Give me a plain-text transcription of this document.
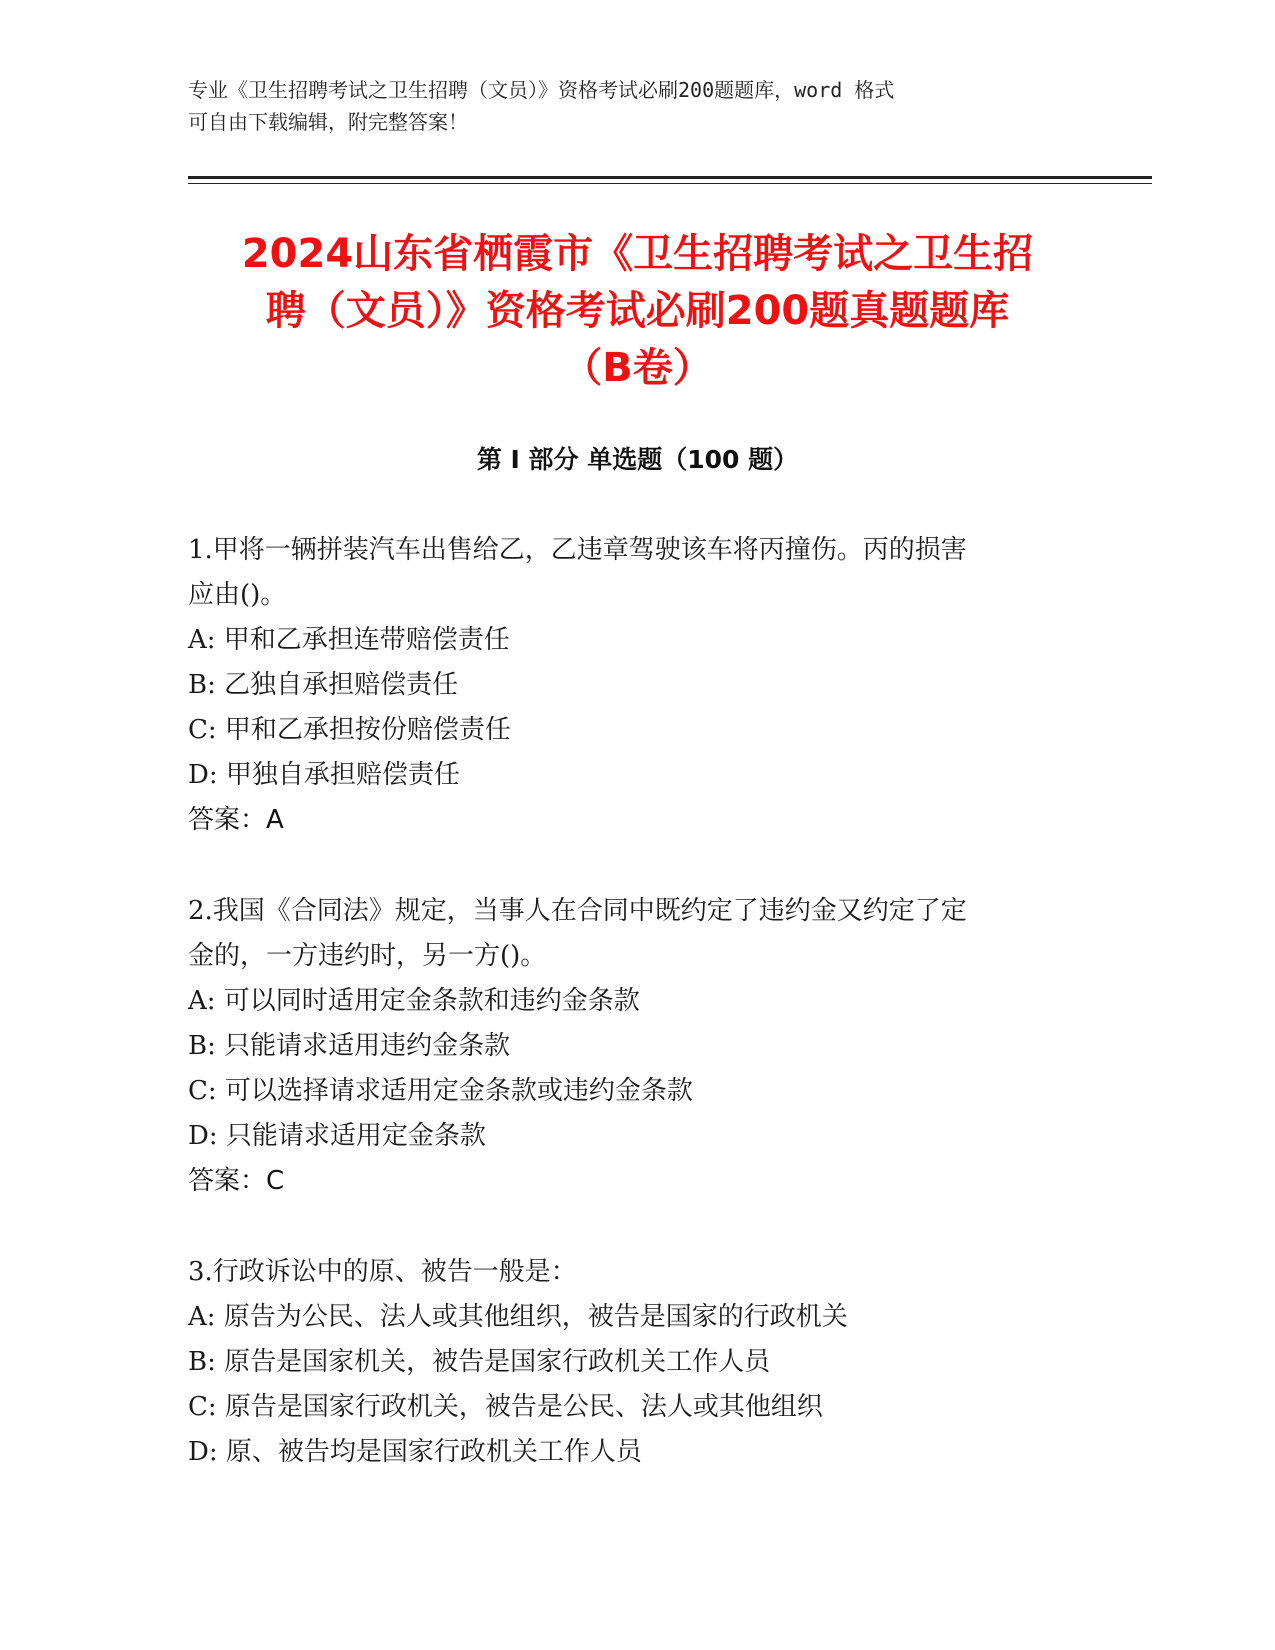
专业《卫生招聘考试之卫生招聘（文员）》资格考试必刷200题题库，word 格式
可自由下载编辑，附完整答案！
2024山东省栖霞市《卫生招聘考试之卫生招
聘（文员）》资格考试必刷200题真题题库
（B卷）
第 I 部分 单选题（100 题）
1.甲将一辆拼装汽车出售给乙，乙违章驾驶该车将丙撞伤。丙的损害
应由()。
A: 甲和乙承担连带赔偿责任
B: 乙独自承担赔偿责任
C: 甲和乙承担按份赔偿责任
D: 甲独自承担赔偿责任
答案：A
2.我国《合同法》规定，当事人在合同中既约定了违约金又约定了定
金的，一方违约时，另一方()。
A: 可以同时适用定金条款和违约金条款
B: 只能请求适用违约金条款
C: 可以选择请求适用定金条款或违约金条款
D: 只能请求适用定金条款
答案：C
3.行政诉讼中的原、被告一般是：
A: 原告为公民、法人或其他组织，被告是国家的行政机关
B: 原告是国家机关，被告是国家行政机关工作人员
C: 原告是国家行政机关，被告是公民、法人或其他组织
D: 原、被告均是国家行政机关工作人员
